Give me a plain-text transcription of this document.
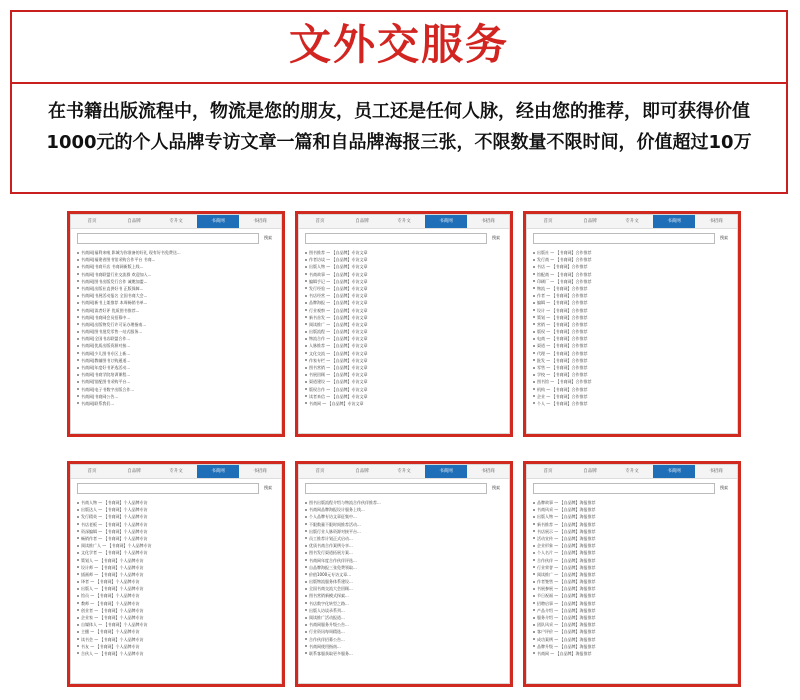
文外交服务
在书籍出版流程中，物流是您的朋友，员工还是任何人脉，经由您的推荐，即可获得价值1000元的个人品牌专访文章一篇和自品牌海报三张，不限数量不限时间，价值超过10万
首页	自品牌	专升文	书商网	书招商
搜索
书商网|福利来啦 影城为你准备的好礼 现有好书免费送...
书商网|福建省图书馆采购合作平台 书商...
书商网|书商开店 书商网新版上线...
书商网|书商联盟行业交流群 欢迎加入...
书商网|图书出版发行合作 诚邀加盟...
书商网|出版社直供好书 正版保障...
书商网|书展活动报名 全国书商大会...
书商网|新书上架推荐 本周畅销书单...
书商网|读者好评 优质图书推荐...
书商网|书商网会员招募中...
书商网|出版物发行许可证办理指南...
书商网|图书批发零售一站式服务...
书商网|全国书店联盟合作...
书商网|优质出版资源对接...
书商网|少儿图书专区上新...
书商网|教辅图书订购通道...
书商网|年度好书评选活动...
书商网|书商学院培训课程...
书商网|馆配图书采购平台...
书商网|电子书数字出版合作...
书商网|书商网公告...
书商网|联系我们...
首页	自品牌	专升文	书商网	书招商
搜索
图书推荐 — 【自品牌】专访文章
作者访谈 — 【自品牌】专访文章
出版人物 — 【自品牌】专访文章
书商故事 — 【自品牌】专访文章
编辑手记 — 【自品牌】专访文章
发行经验 — 【自品牌】专访文章
书店经营 — 【自品牌】专访文章
品牌海报 — 【自品牌】专访文章
行业观察 — 【自品牌】专访文章
新书首发 — 【自品牌】专访文章
阅读推广 — 【自品牌】专访文章
出版流程 — 【自品牌】专访文章
物流合作 — 【自品牌】专访文章
人脉推荐 — 【自品牌】专访文章
文化交流 — 【自品牌】专访文章
作家专栏 — 【自品牌】专访文章
图书营销 — 【自品牌】专访文章
书展回顾 — 【自品牌】专访文章
渠道建设 — 【自品牌】专访文章
版权合作 — 【自品牌】专访文章
读者来信 — 【自品牌】专访文章
书商网 — 【自品牌】专访文章
首页	自品牌	专升文	书商网	书招商
搜索
出版社 — 【书商网】合作推荐
发行商 — 【书商网】合作推荐
书店 — 【书商网】合作推荐
馆配商 — 【书商网】合作推荐
印刷厂 — 【书商网】合作推荐
物流 — 【书商网】合作推荐
作者 — 【书商网】合作推荐
编辑 — 【书商网】合作推荐
设计 — 【书商网】合作推荐
策划 — 【书商网】合作推荐
营销 — 【书商网】合作推荐
版权 — 【书商网】合作推荐
电商 — 【书商网】合作推荐
渠道 — 【书商网】合作推荐
代理 — 【书商网】合作推荐
批发 — 【书商网】合作推荐
零售 — 【书商网】合作推荐
学校 — 【书商网】合作推荐
图书馆 — 【书商网】合作推荐
机构 — 【书商网】合作推荐
企业 — 【书商网】合作推荐
个人 — 【书商网】合作推荐
首页	自品牌	专升文	书商网	书招商
搜索
书商人物 — 【书商网】个人品牌专访
出版达人 — 【书商网】个人品牌专访
发行精英 — 【书商网】个人品牌专访
书店老板 — 【书商网】个人品牌专访
资深编辑 — 【书商网】个人品牌专访
畅销作者 — 【书商网】个人品牌专访
阅读推广人 — 【书商网】个人品牌专访
文化学者 — 【书商网】个人品牌专访
策划人 — 【书商网】个人品牌专访
设计师 — 【书商网】个人品牌专访
插画师 — 【书商网】个人品牌专访
译者 — 【书商网】个人品牌专访
出版人 — 【书商网】个人品牌专访
馆员 — 【书商网】个人品牌专访
教师 — 【书商网】个人品牌专访
创业者 — 【书商网】个人品牌专访
企业家 — 【书商网】个人品牌专访
自媒体人 — 【书商网】个人品牌专访
主播 — 【书商网】个人品牌专访
读书会 — 【书商网】个人品牌专访
书友 — 【书商网】个人品牌专访
合伙人 — 【书商网】个人品牌专访
首页	自品牌	专升文	书商网	书招商
搜索
图书出版流程介绍与物流合作伙伴推荐...
书商网品牌海报设计服务上线...
个人品牌专访文章征集中...
不限数量不限时间推荐活动...
出版行业人脉资源对接平台...
员工推荐计划正式启动...
优质书商合作案例分享...
图书发行渠道拓展方案...
书商网年度合作伙伴评选...
自品牌海报三张免费领取...
价值1000元专访文章...
出版物流服务体系建设...
全国书商交流大会回顾...
图书营销新模式探索...
书店数字化转型之路...
出版人访谈录系列...
阅读推广活动报道...
书商网服务升级公告...
行业资讯每周精选...
合作伙伴招募公告...
书商网使用指南...
联系客服获取更多服务...
首页	自品牌	专升文	书商网	书招商
搜索
品牌故事 — 【自品牌】海报推荐
书商风采 — 【自品牌】海报推荐
出版人物 — 【自品牌】海报推荐
新书推荐 — 【自品牌】海报推荐
书店展示 — 【自品牌】海报推荐
活动宣传 — 【自品牌】海报推荐
企业形象 — 【自品牌】海报推荐
个人名片 — 【自品牌】海报推荐
合作伙伴 — 【自品牌】海报推荐
行业荣誉 — 【自品牌】海报推荐
阅读推广 — 【自品牌】海报推荐
作者签售 — 【自品牌】海报推荐
书展参展 — 【自品牌】海报推荐
节日祝福 — 【自品牌】海报推荐
招聘启事 — 【自品牌】海报推荐
产品介绍 — 【自品牌】海报推荐
服务介绍 — 【自品牌】海报推荐
团队风采 — 【自品牌】海报推荐
客户评价 — 【自品牌】海报推荐
成功案例 — 【自品牌】海报推荐
品牌升级 — 【自品牌】海报推荐
书商网 — 【自品牌】海报推荐
